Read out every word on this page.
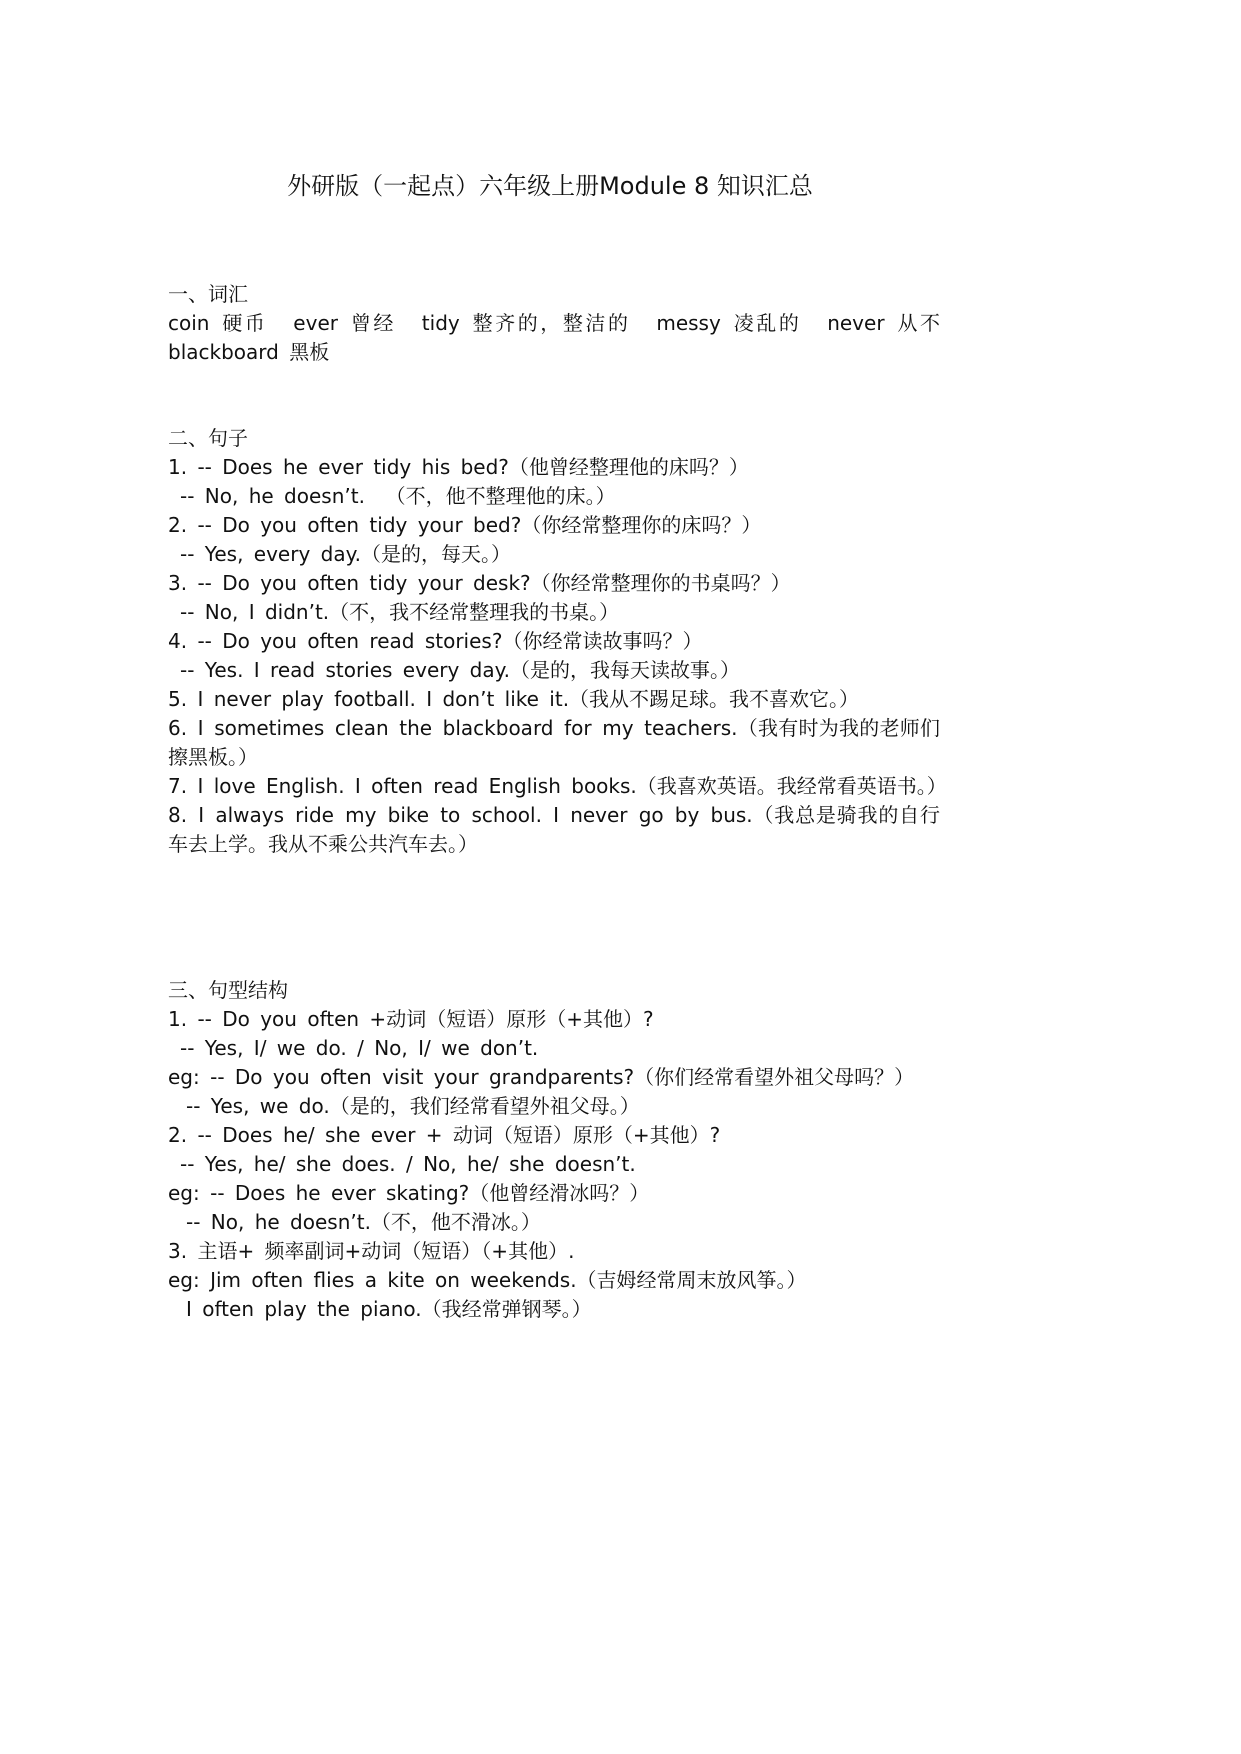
外研版（一起点）六年级上册Module 8 知识汇总
一、词汇
coin 硬币  ever 曾经  tidy 整齐的，整洁的  messy 凌乱的  never 从不 blackboard 黑板
二、句子
1. -- Does he ever tidy his bed?（他曾经整理他的床吗？）
-- No, he doesn’t.  （不，他不整理他的床。）
2. -- Do you often tidy your bed?（你经常整理你的床吗？）
-- Yes, every day.（是的，每天。）
3. -- Do you often tidy your desk?（你经常整理你的书桌吗？）
-- No, I didn’t.（不，我不经常整理我的书桌。）
4. -- Do you often read stories?（你经常读故事吗？）
-- Yes. I read stories every day.（是的，我每天读故事。）
5. I never play football. I don’t like it.（我从不踢足球。我不喜欢它。）
6. I sometimes clean the blackboard for my teachers.（我有时为我的老师们擦黑板。）
7. I love English. I often read English books.（我喜欢英语。我经常看英语书。）
8. I always ride my bike to school. I never go by bus.（我总是骑我的自行车去上学。我从不乘公共汽车去。）
三、句型结构
1. -- Do you often +动词（短语）原形（+其他）?
-- Yes, I/ we do. / No, I/ we don’t.
eg: -- Do you often visit your grandparents?（你们经常看望外祖父母吗？）
-- Yes, we do.（是的，我们经常看望外祖父母。）
2. -- Does he/ she ever + 动词（短语）原形（+其他）?
-- Yes, he/ she does. / No, he/ she doesn’t.
eg: -- Does he ever skating?（他曾经滑冰吗？）
-- No, he doesn’t.（不，他不滑冰。）
3. 主语+ 频率副词+动词（短语）（+其他）.
eg: Jim often flies a kite on weekends.（吉姆经常周末放风筝。）
I often play the piano.（我经常弹钢琴。）
